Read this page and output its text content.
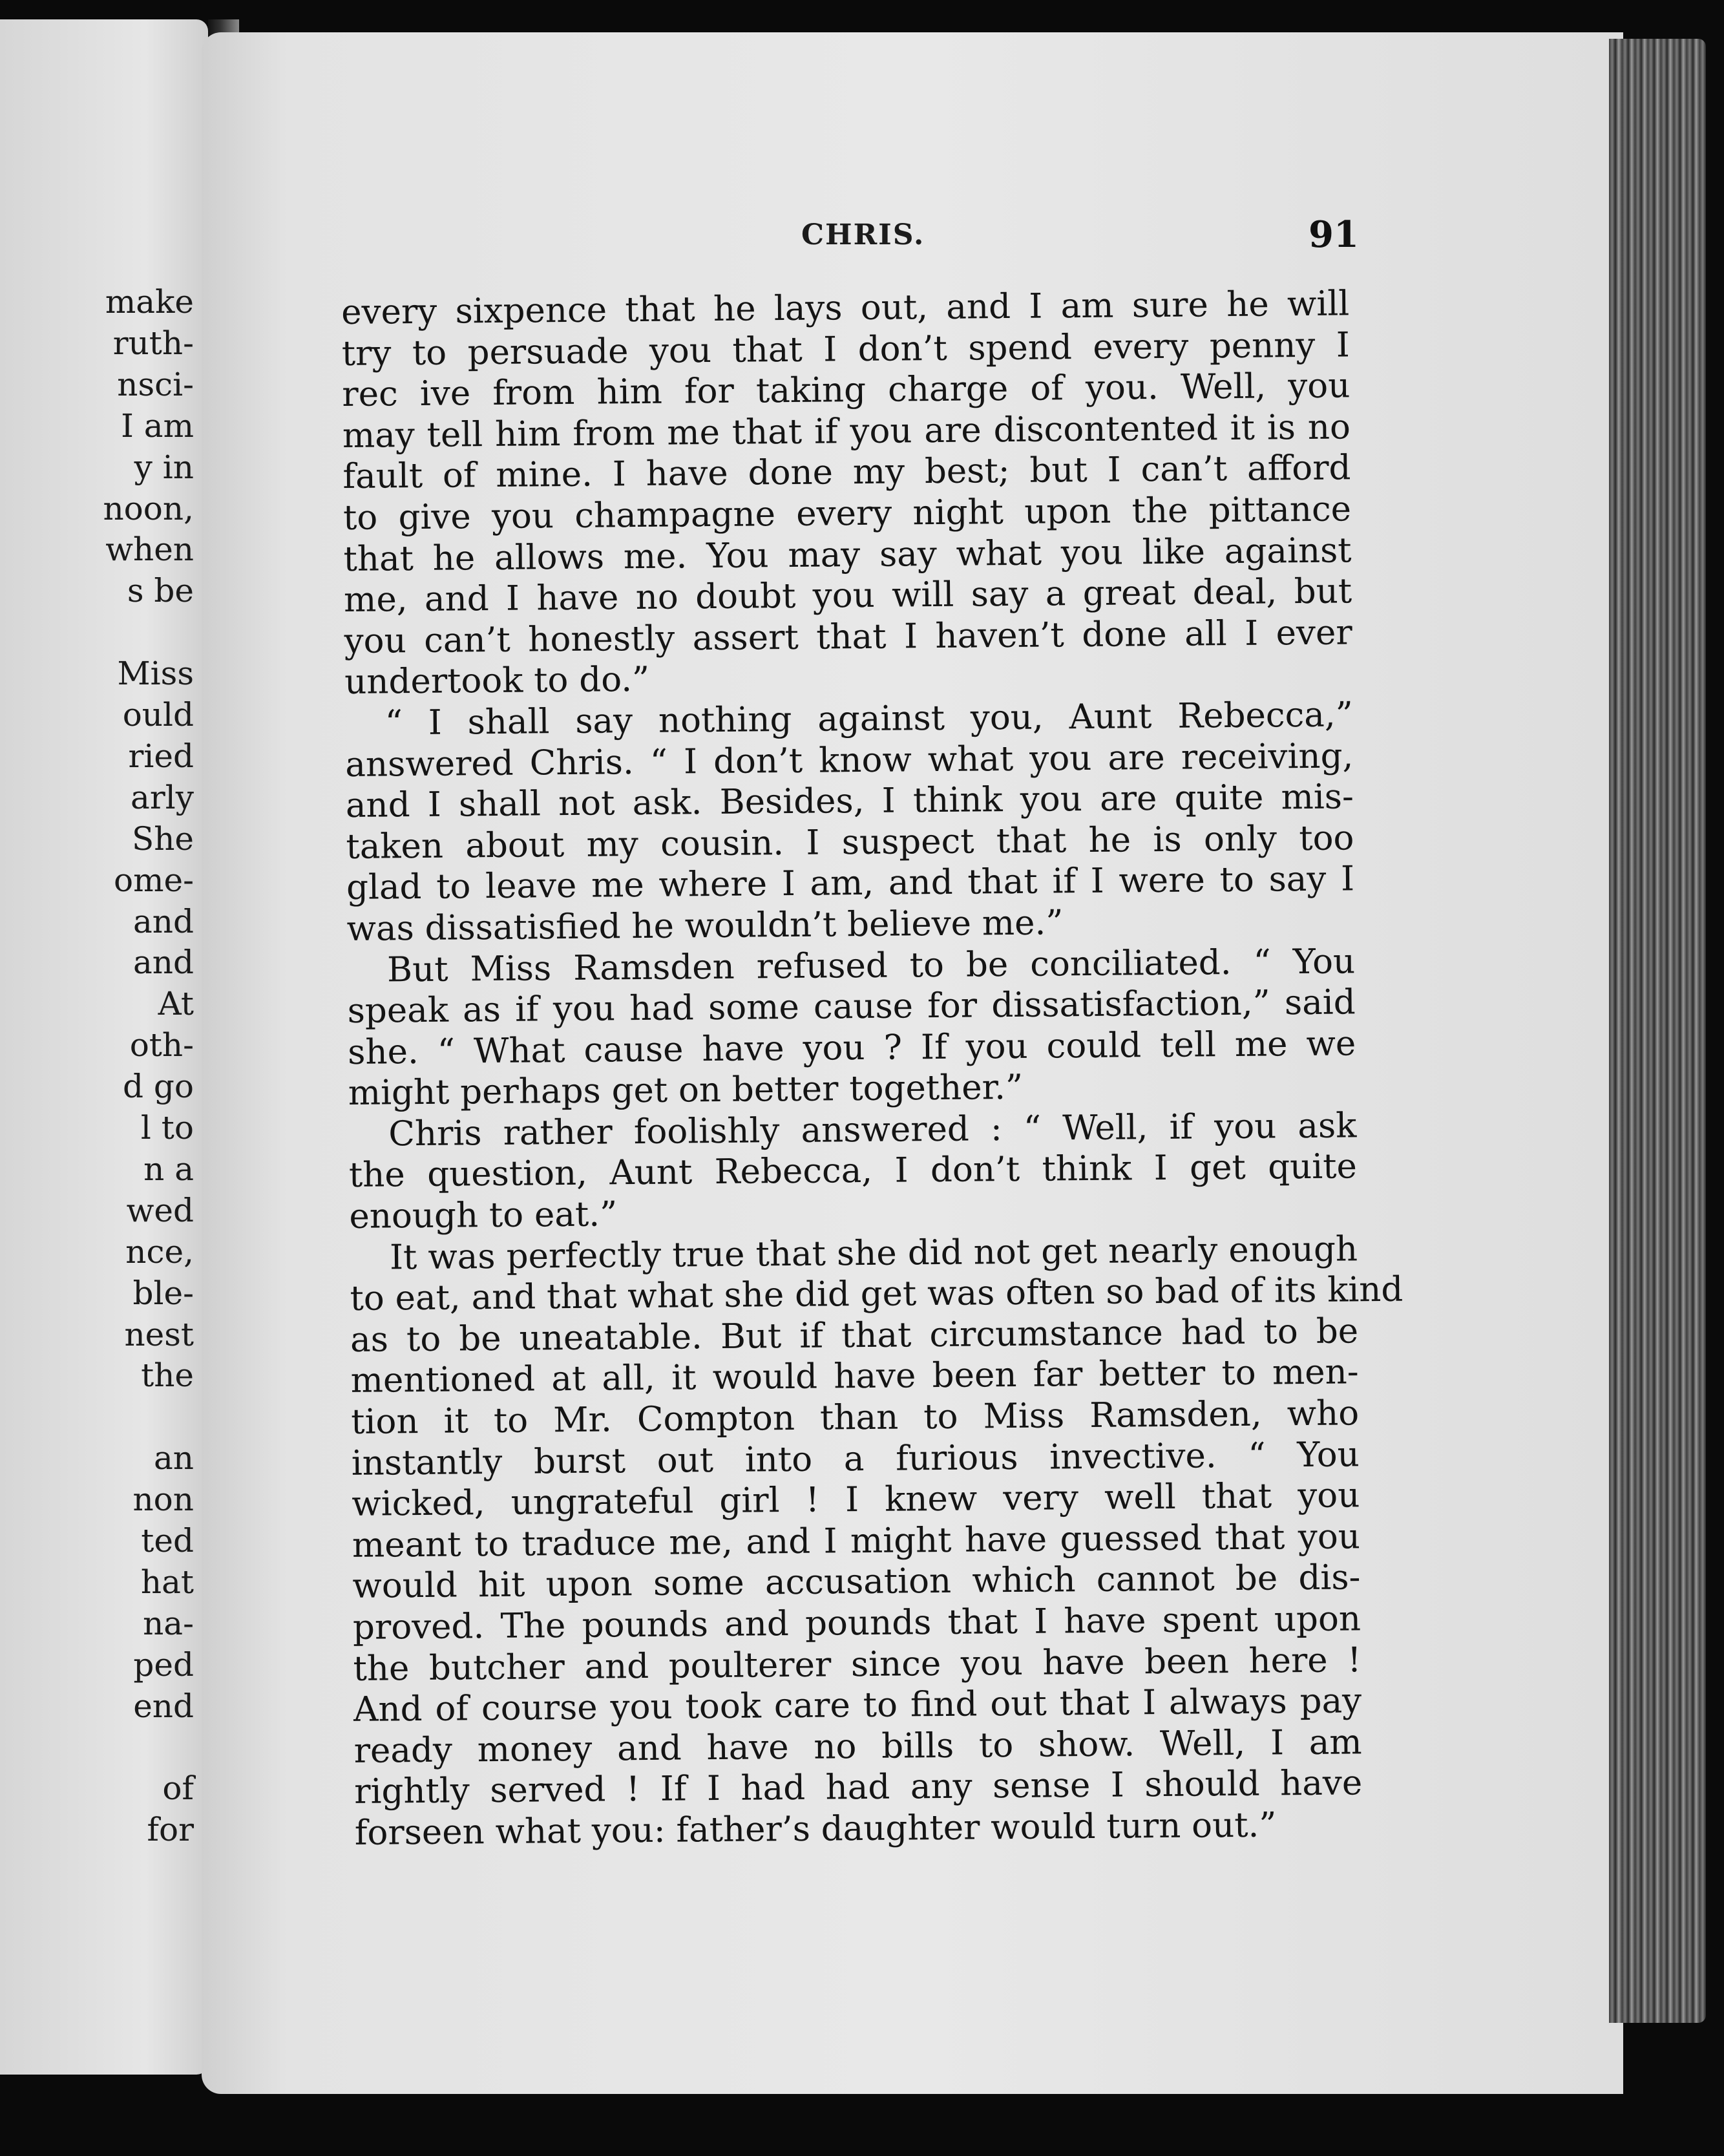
make
ruth-
nsci-
I am
y in
noon,
when
s be
Miss
ould
ried
arly
She
ome-
and
and
At
oth-
d go
l to
n a
wed
nce,
ble-
nest
the
an
non
ted
hat
na-
ped
end
of
for
CHRIS.	91
every sixpence that he lays out, and I am sure he will
try to persuade you that I don’t spend every penny I
rec ive from him for taking charge of you. Well, you
may tell him from me that if you are discontented it is no
fault of mine. I have done my best; but I can’t afford
to give you champagne every night upon the pittance
that he allows me. You may say what you like against
me, and I have no doubt you will say a great deal, but
you can’t honestly assert that I haven’t done all I ever
undertook to do.”
“ I shall say nothing against you, Aunt Rebecca,”
answered Chris. “ I don’t know what you are receiving,
and I shall not ask. Besides, I think you are quite mis-
taken about my cousin. I suspect that he is only too
glad to leave me where I am, and that if I were to say I
was dissatisfied he wouldn’t believe me.”
But Miss Ramsden refused to be conciliated. “ You
speak as if you had some cause for dissatisfaction,” said
she. “ What cause have you ? If you could tell me we
might perhaps get on better together.”
Chris rather foolishly answered : “ Well, if you ask
the question, Aunt Rebecca, I don’t think I get quite
enough to eat.”
It was perfectly true that she did not get nearly enough
to eat, and that what she did get was often so bad of its kind
as to be uneatable. But if that circumstance had to be
mentioned at all, it would have been far better to men-
tion it to Mr. Compton than to Miss Ramsden, who
instantly burst out into a furious invective. “ You
wicked, ungrateful girl ! I knew very well that you
meant to traduce me, and I might have guessed that you
would hit upon some accusation which cannot be dis-
proved. The pounds and pounds that I have spent upon
the butcher and poulterer since you have been here !
And of course you took care to find out that I always pay
ready money and have no bills to show. Well, I am
rightly served ! If I had had any sense I should have
forseen what you: father’s daughter would turn out.”
